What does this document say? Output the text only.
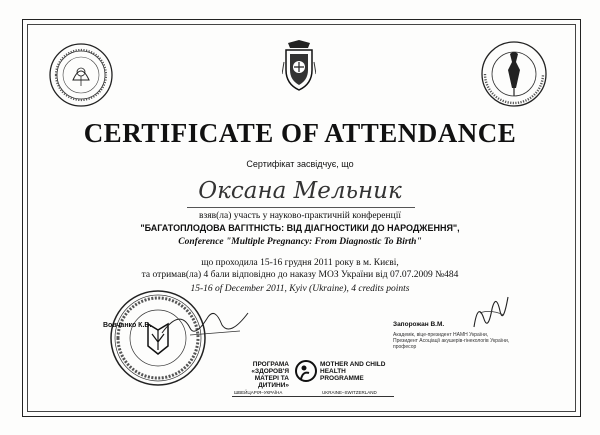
CERTIFICATE OF ATTENDANCE
Сертифікат засвідчує, що
Оксана Мельник
взяв(ла) участь у науково-практичній конференції
"БАГАТОПЛОДОВА ВАГІТНІСТЬ: ВІД ДІАГНОСТИКИ ДО НАРОДЖЕННЯ",
Conference "Multiple Pregnancy: From Diagnostic To Birth"
що проходила 15-16 грудня 2011 року в м. Києві,
та отримав(ла) 4 бали відповідно до наказу МОЗ України від 07.07.2009 №484
15-16 of December 2011, Kyiv (Ukraine), 4 credits points
Вовчанко К.В.	Запорожан В.М.
Академік, віце-президент НАМН України,
Президент Асоціації акушерів-гінекологів України,
професор
ПРОГРАМА
«ЗДОРОВ'Я
МАТЕРІ ТА ДИТИНИ»
MOTHER AND CHILD
HEALTH
PROGRAMME
ШВЕЙЦАРІЯ–УКРАЇНА	UKRAINE–SWITZERLAND
